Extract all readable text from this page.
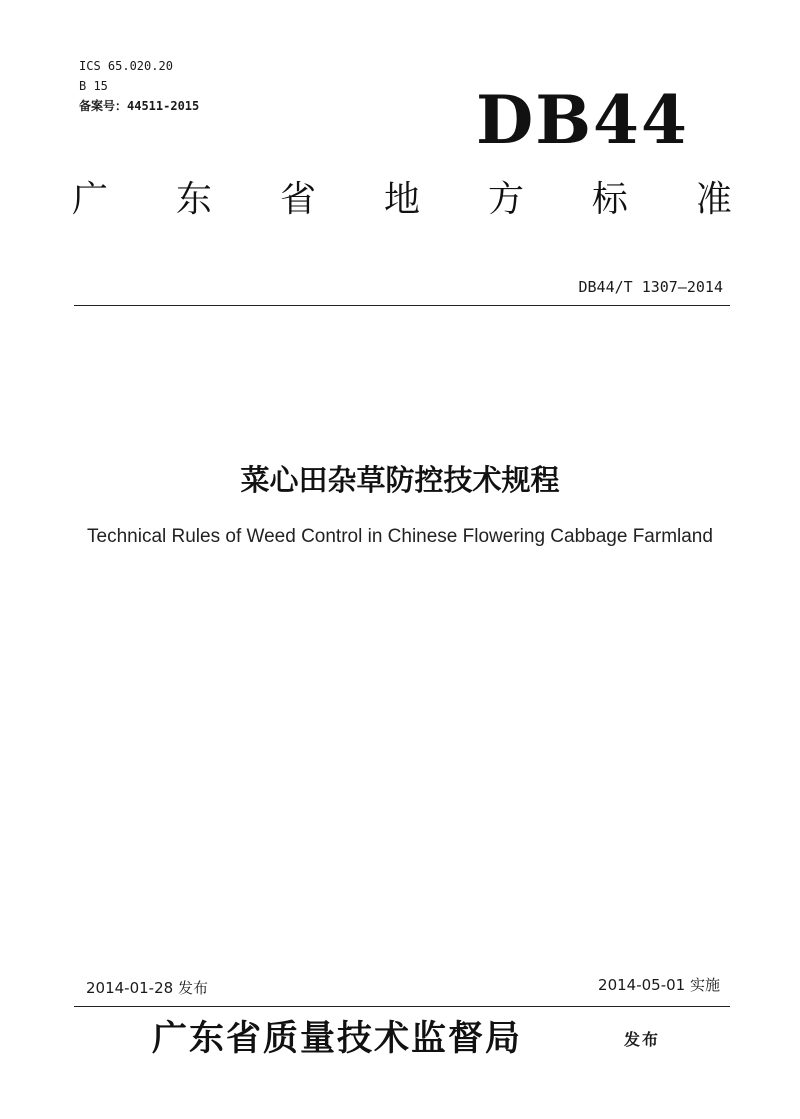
ICS 65.020.20
B 15
备案号：44511-2015	DB44
广 东 省 地 方 标 准
DB44/T 1307—2014
菜心田杂草防控技术规程
Technical Rules of Weed Control in Chinese Flowering Cabbage Farmland
2014-01-28 发布	2014-05-01 实施
广东省质量技术监督局	发布
